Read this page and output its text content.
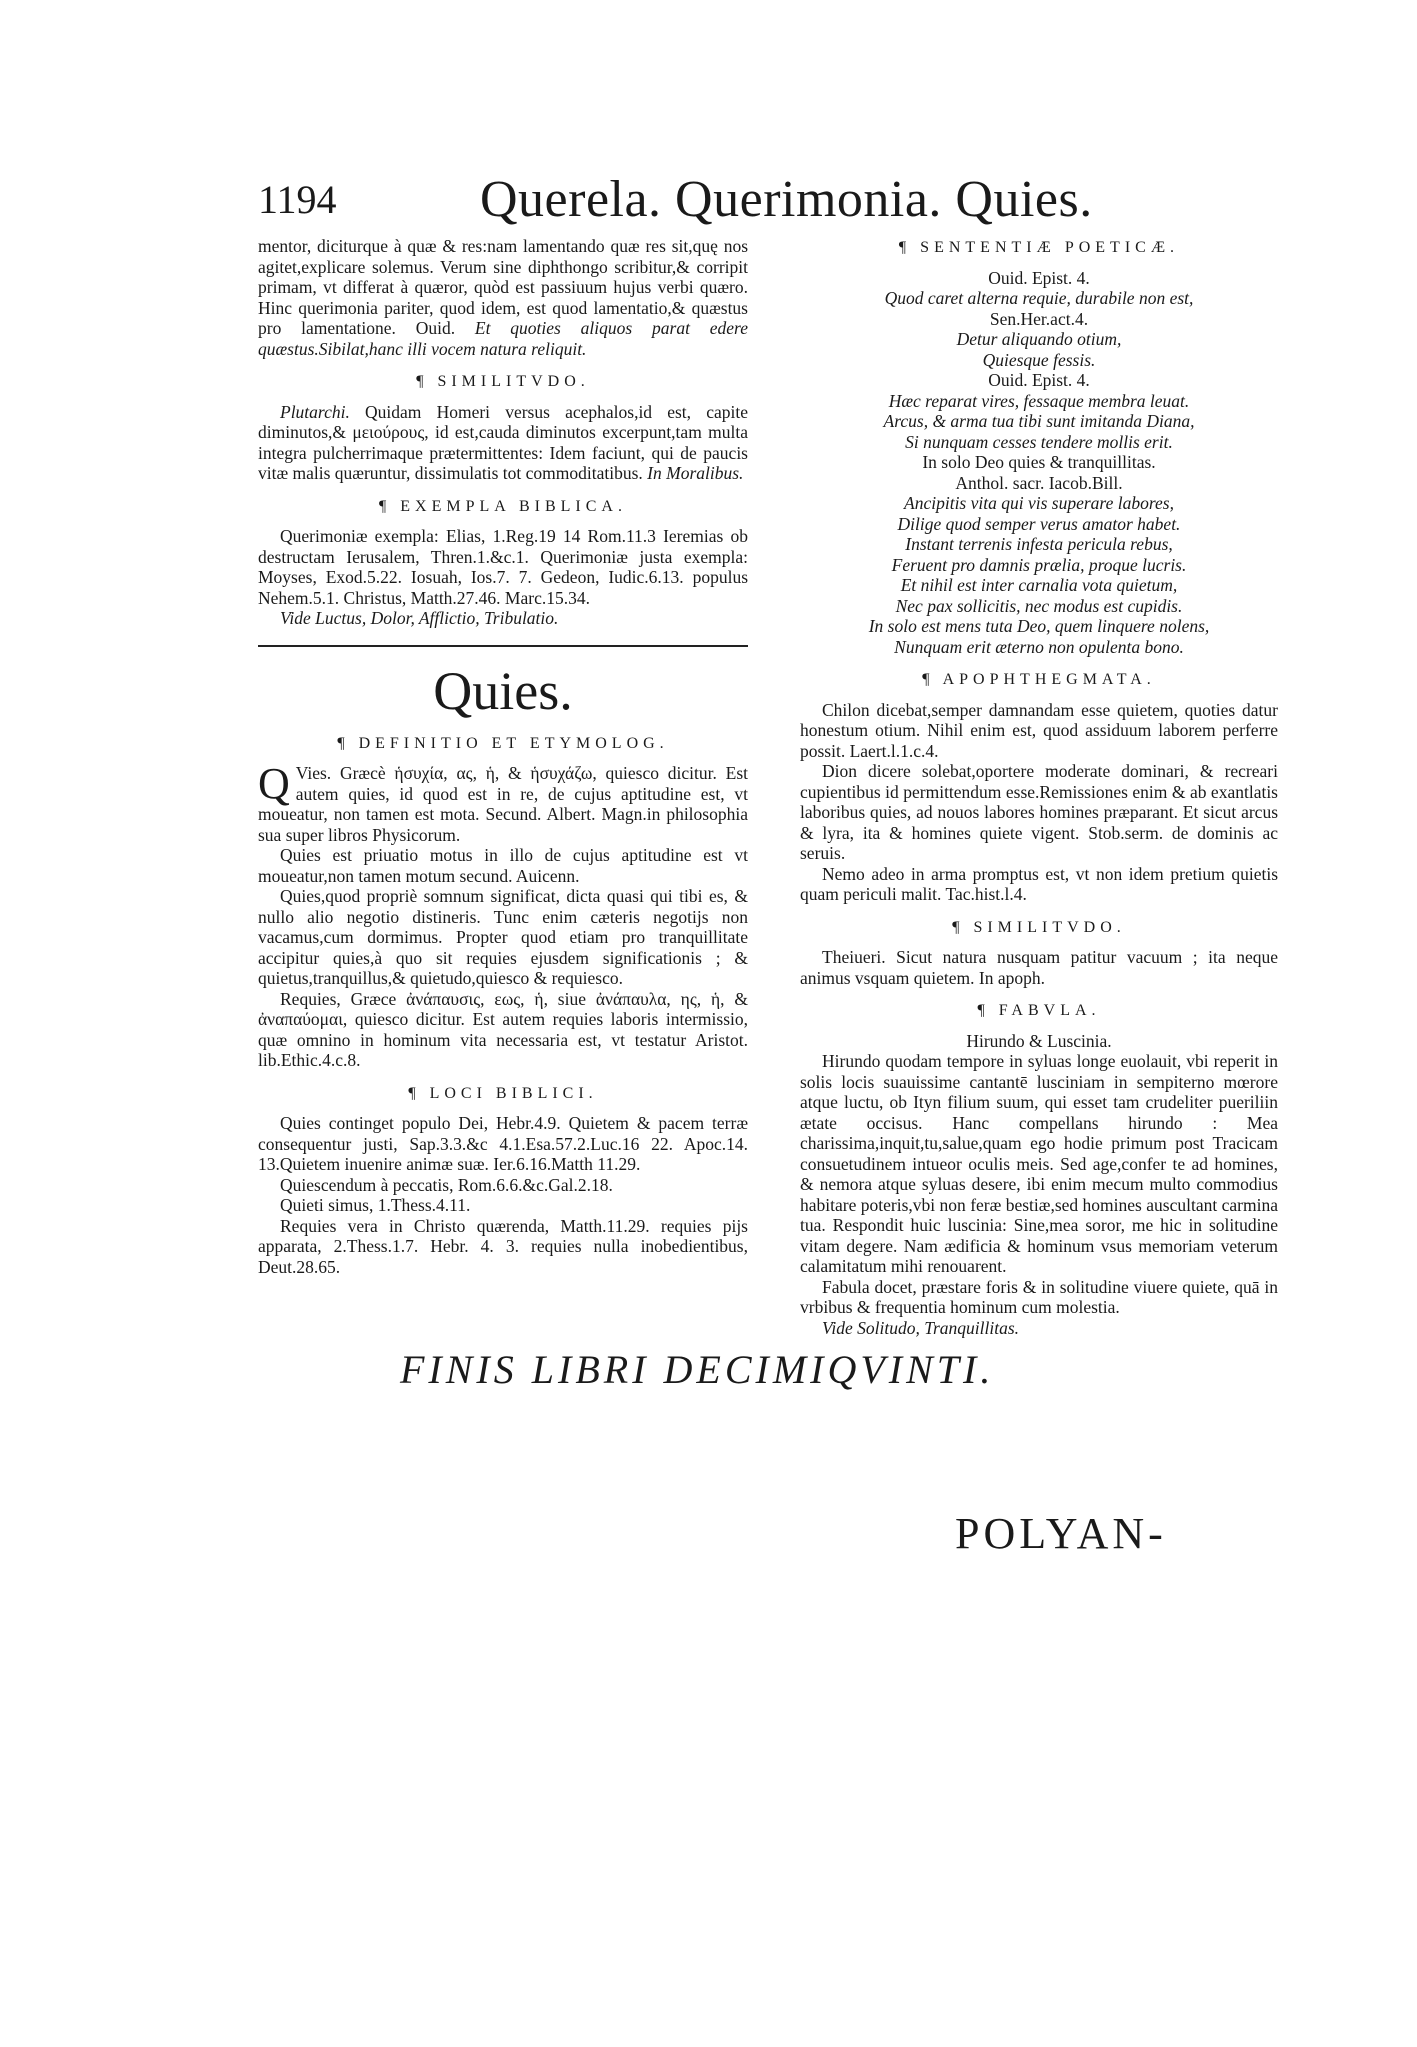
1194	Querela. Querimonia. Quies.

mentor, diciturque à quæ & res:nam lamentando quæ res sit,quę nos agitet,explicare solemus. Verum sine diphthongo scribitur,& corripit primam, vt differat à quæror, quòd est passiuum hujus verbi quæro. Hinc querimonia pariter, quod idem, est quod lamentatio,& quæstus pro lamentatione. Ouid. Et quoties aliquos parat edere quæstus.Sibilat,hanc illi vocem natura reliquit.

¶ SIMILITVDO.

Plutarchi. Quidam Homeri versus acephalos,id est, capite diminutos,& μειούρους, id est,cauda diminutos excerpunt,tam multa integra pulcherrimaque prætermittentes: Idem faciunt, qui de paucis vitæ malis quæruntur, dissimulatis tot commoditatibus. In Moralibus.

¶ EXEMPLA BIBLICA.

Querimoniæ exempla: Elias, 1.Reg.19 14 Rom.11.3 Ieremias ob destructam Ierusalem, Thren.1.&c.1. Querimoniæ justa exempla: Moyses, Exod.5.22. Iosuah, Ios.7. 7. Gedeon, Iudic.6.13. populus Nehem.5.1. Christus, Matth.27.46. Marc.15.34.

Vide Luctus, Dolor, Afflictio, Tribulatio.

Quies.
¶ DEFINITIO ET ETYMOLOG.

Q Vies. Græcè ἡσυχία, ας, ἡ, & ἡσυχάζω, quiesco dicitur. Est autem quies, id quod est in re, de cujus aptitudine est, vt moueatur, non tamen est mota. Secund. Albert. Magn.in philosophia sua super libros Physicorum.

Quies est priuatio motus in illo de cujus aptitudine est vt moueatur,non tamen motum secund. Auicenn.

Quies,quod propriè somnum significat, dicta quasi qui tibi es, & nullo alio negotio distineris. Tunc enim cæteris negotijs non vacamus,cum dormimus. Propter quod etiam pro tranquillitate accipitur quies,à quo sit requies ejusdem significationis ; & quietus,tranquillus,& quietudo,quiesco & requiesco.

Requies, Græce ἀνάπαυσις, εως, ἡ, siue ἀνάπαυλα, ης, ἡ, & ἀναπαύομαι, quiesco dicitur. Est autem requies laboris intermissio, quæ omnino in hominum vita necessaria est, vt testatur Aristot. lib.Ethic.4.c.8.

¶ LOCI BIBLICI.

Quies continget populo Dei, Hebr.4.9. Quietem & pacem terræ consequentur justi, Sap.3.3.&c 4.1.Esa.57.2.Luc.16 22. Apoc.14. 13.Quietem inuenire animæ suæ. Ier.6.16.Matth 11.29.

Quiescendum à peccatis, Rom.6.6.&c.Gal.2.18.

Quieti simus, 1.Thess.4.11.

Requies vera in Christo quærenda, Matth.11.29. requies pijs apparata, 2.Thess.1.7. Hebr. 4. 3. requies nulla inobedientibus, Deut.28.65.

¶ SENTENTIÆ POETICÆ.
Ouid. Epist. 4.
Quod caret alterna requie, durabile non est,
Sen.Her.act.4.
Detur aliquando otium,
Quiesque fessis.
Ouid. Epist. 4.
Hæc reparat vires, fessaque membra leuat.
Arcus, & arma tua tibi sunt imitanda Diana,
Si nunquam cesses tendere mollis erit.
In solo Deo quies & tranquillitas.
Anthol. sacr. Iacob.Bill.
Ancipitis vita qui vis superare labores,
Dilige quod semper verus amator habet.
Instant terrenis infesta pericula rebus,
Feruent pro damnis prælia, proque lucris.
Et nihil est inter carnalia vota quietum,
Nec pax sollicitis, nec modus est cupidis.
In solo est mens tuta Deo, quem linquere nolens,
Nunquam erit æterno non opulenta bono.
¶ APOPHTHEGMATA.

Chilon dicebat,semper damnandam esse quietem, quoties datur honestum otium. Nihil enim est, quod assiduum laborem perferre possit. Laert.l.1.c.4.

Dion dicere solebat,oportere moderate dominari, & recreari cupientibus id permittendum esse.Remissiones enim & ab exantlatis laboribus quies, ad nouos labores homines præparant. Et sicut arcus & lyra, ita & homines quiete vigent. Stob.serm. de dominis ac seruis.

Nemo adeo in arma promptus est, vt non idem pretium quietis quam periculi malit. Tac.hist.l.4.

¶ SIMILITVDO.

Theiueri. Sicut natura nusquam patitur vacuum ; ita neque animus vsquam quietem. In apoph.

¶ FABVLA.
Hirundo & Luscinia.

Hirundo quodam tempore in syluas longe euolauit, vbi reperit in solis locis suauissime cantantē lusciniam in sempiterno mœrore atque luctu, ob Ityn filium suum, qui esset tam crudeliter pueriliin ætate occisus. Hanc compellans hirundo : Mea charissima,inquit,tu,salue,quam ego hodie primum post Tracicam consuetudinem intueor oculis meis. Sed age,confer te ad homines, & nemora atque syluas desere, ibi enim mecum multo commodius habitare poteris,vbi non feræ bestiæ,sed homines auscultant carmina tua. Respondit huic luscinia: Sine,mea soror, me hic in solitudine vitam degere. Nam ædificia & hominum vsus memoriam veterum calamitatum mihi renouarent.

Fabula docet, præstare foris & in solitudine viuere quiete, quā in vrbibus & frequentia hominum cum molestia.

Vide Solitudo, Tranquillitas.

FINIS LIBRI DECIMIQVINTI.
POLYAN-
